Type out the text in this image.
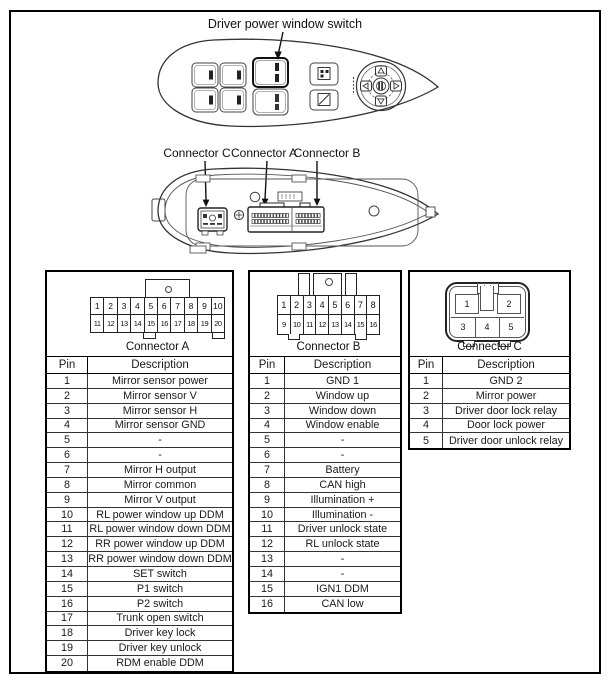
Driver power window switch
Connector C Connector A
Connector B
1	2	3	4	5	6	7	8	9 10
11 12 13 14 15 16 17 18 19 20
Connector A
Pin	Description
1	Mirror sensor power
2	Mirror sensor V
3	Mirror sensor H
4	Mirror sensor GND
5	-
6	-
7	Mirror H output
8	Mirror common
9	Mirror V output
10	RL power window up DDM
11	RL power window down DDM
12	RR power window up DDM
13	RR power window down DDM
14	SET switch
15	P1 switch
16	P2 switch
17	Trunk open switch
18	Driver key lock
19	Driver key unlock
20	RDM enable DDM
1 2 3 4 5 6 7 8
9 10 11 12 13 14 15 16
Connector B
Pin	Description
1	GND 1
2	Window up
3	Window down
4	Window enable
5	-
6	-
7	Battery
8	CAN high
9	Illumination +
10	Illumination -
11	Driver unlock state
12	RL unlock state
13	-
14	-
15	IGN1 DDM
16	CAN low
1	2
3 4 5
Connector C
Pin	Description
1	GND 2
2	Mirror power
3	Driver door lock relay
4	Door lock power
5	Driver door unlock relay
